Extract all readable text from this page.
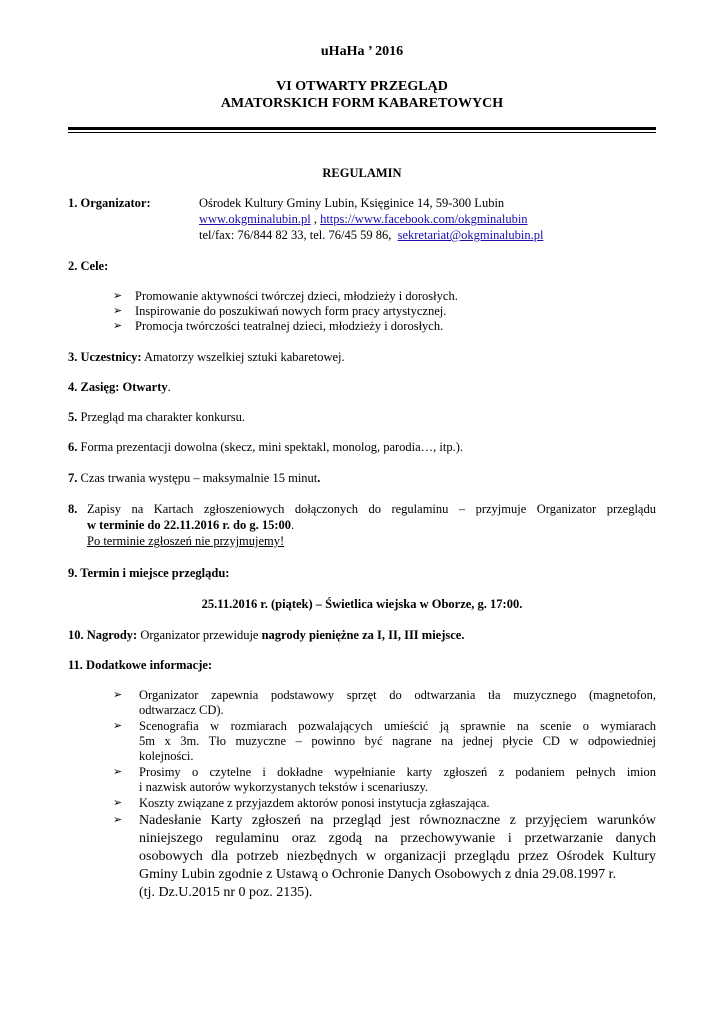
uHaHa ’ 2016
VI OTWARTY PRZEGLĄD
AMATORSKICH FORM KABARETOWYCH
REGULAMIN
1. Organizator:	Ośrodek Kultury Gminy Lubin, Księginice 14, 59-300 Lubin
www.okgminalubin.pl , https://www.facebook.com/okgminalubin
tel/fax: 76/844 82 33, tel. 76/45 59 86,  sekretariat@okgminalubin.pl
2. Cele:
➢ Promowanie aktywności twórczej dzieci, młodzieży i dorosłych.
➢ Inspirowanie do poszukiwań nowych form pracy artystycznej.
➢ Promocja twórczości teatralnej dzieci, młodzieży i dorosłych.
3. Uczestnicy: Amatorzy wszelkiej sztuki kabaretowej.
4. Zasięg: Otwarty.
5. Przegląd ma charakter konkursu.
6. Forma prezentacji dowolna (skecz, mini spektakl, monolog, parodia…, itp.).
7. Czas trwania występu – maksymalnie 15 minut.
8. Zapisy na Kartach zgłoszeniowych dołączonych do regulaminu – przyjmuje Organizator przeglądu
w terminie do 22.11.2016 r. do g. 15:00.
Po terminie zgłoszeń nie przyjmujemy!
9. Termin i miejsce przeglądu:
25.11.2016 r. (piątek) – Świetlica wiejska w Oborze, g. 17:00.
10. Nagrody: Organizator przewiduje nagrody pieniężne za I, II, III miejsce.
11. Dodatkowe informacje:
➢ Organizator zapewnia podstawowy sprzęt do odtwarzania tła muzycznego (magnetofon,
odtwarzacz CD).
➢ Scenografia w rozmiarach pozwalających umieścić ją sprawnie na scenie o wymiarach
5m x 3m. Tło muzyczne – powinno być nagrane na jednej płycie CD w odpowiedniej
kolejności.
➢ Prosimy o czytelne i dokładne wypełnianie karty zgłoszeń z podaniem pełnych imion
i nazwisk autorów wykorzystanych tekstów i scenariuszy.
➢ Koszty związane z przyjazdem aktorów ponosi instytucja zgłaszająca.
➢ Nadesłanie Karty zgłoszeń na przegląd jest równoznaczne z przyjęciem warunków
niniejszego regulaminu oraz zgodą na przechowywanie i przetwarzanie danych
osobowych dla potrzeb niezbędnych w organizacji przeglądu przez Ośrodek Kultury
Gminy Lubin zgodnie z Ustawą o Ochronie Danych Osobowych z dnia 29.08.1997 r.
(tj. Dz.U.2015 nr 0 poz. 2135).
